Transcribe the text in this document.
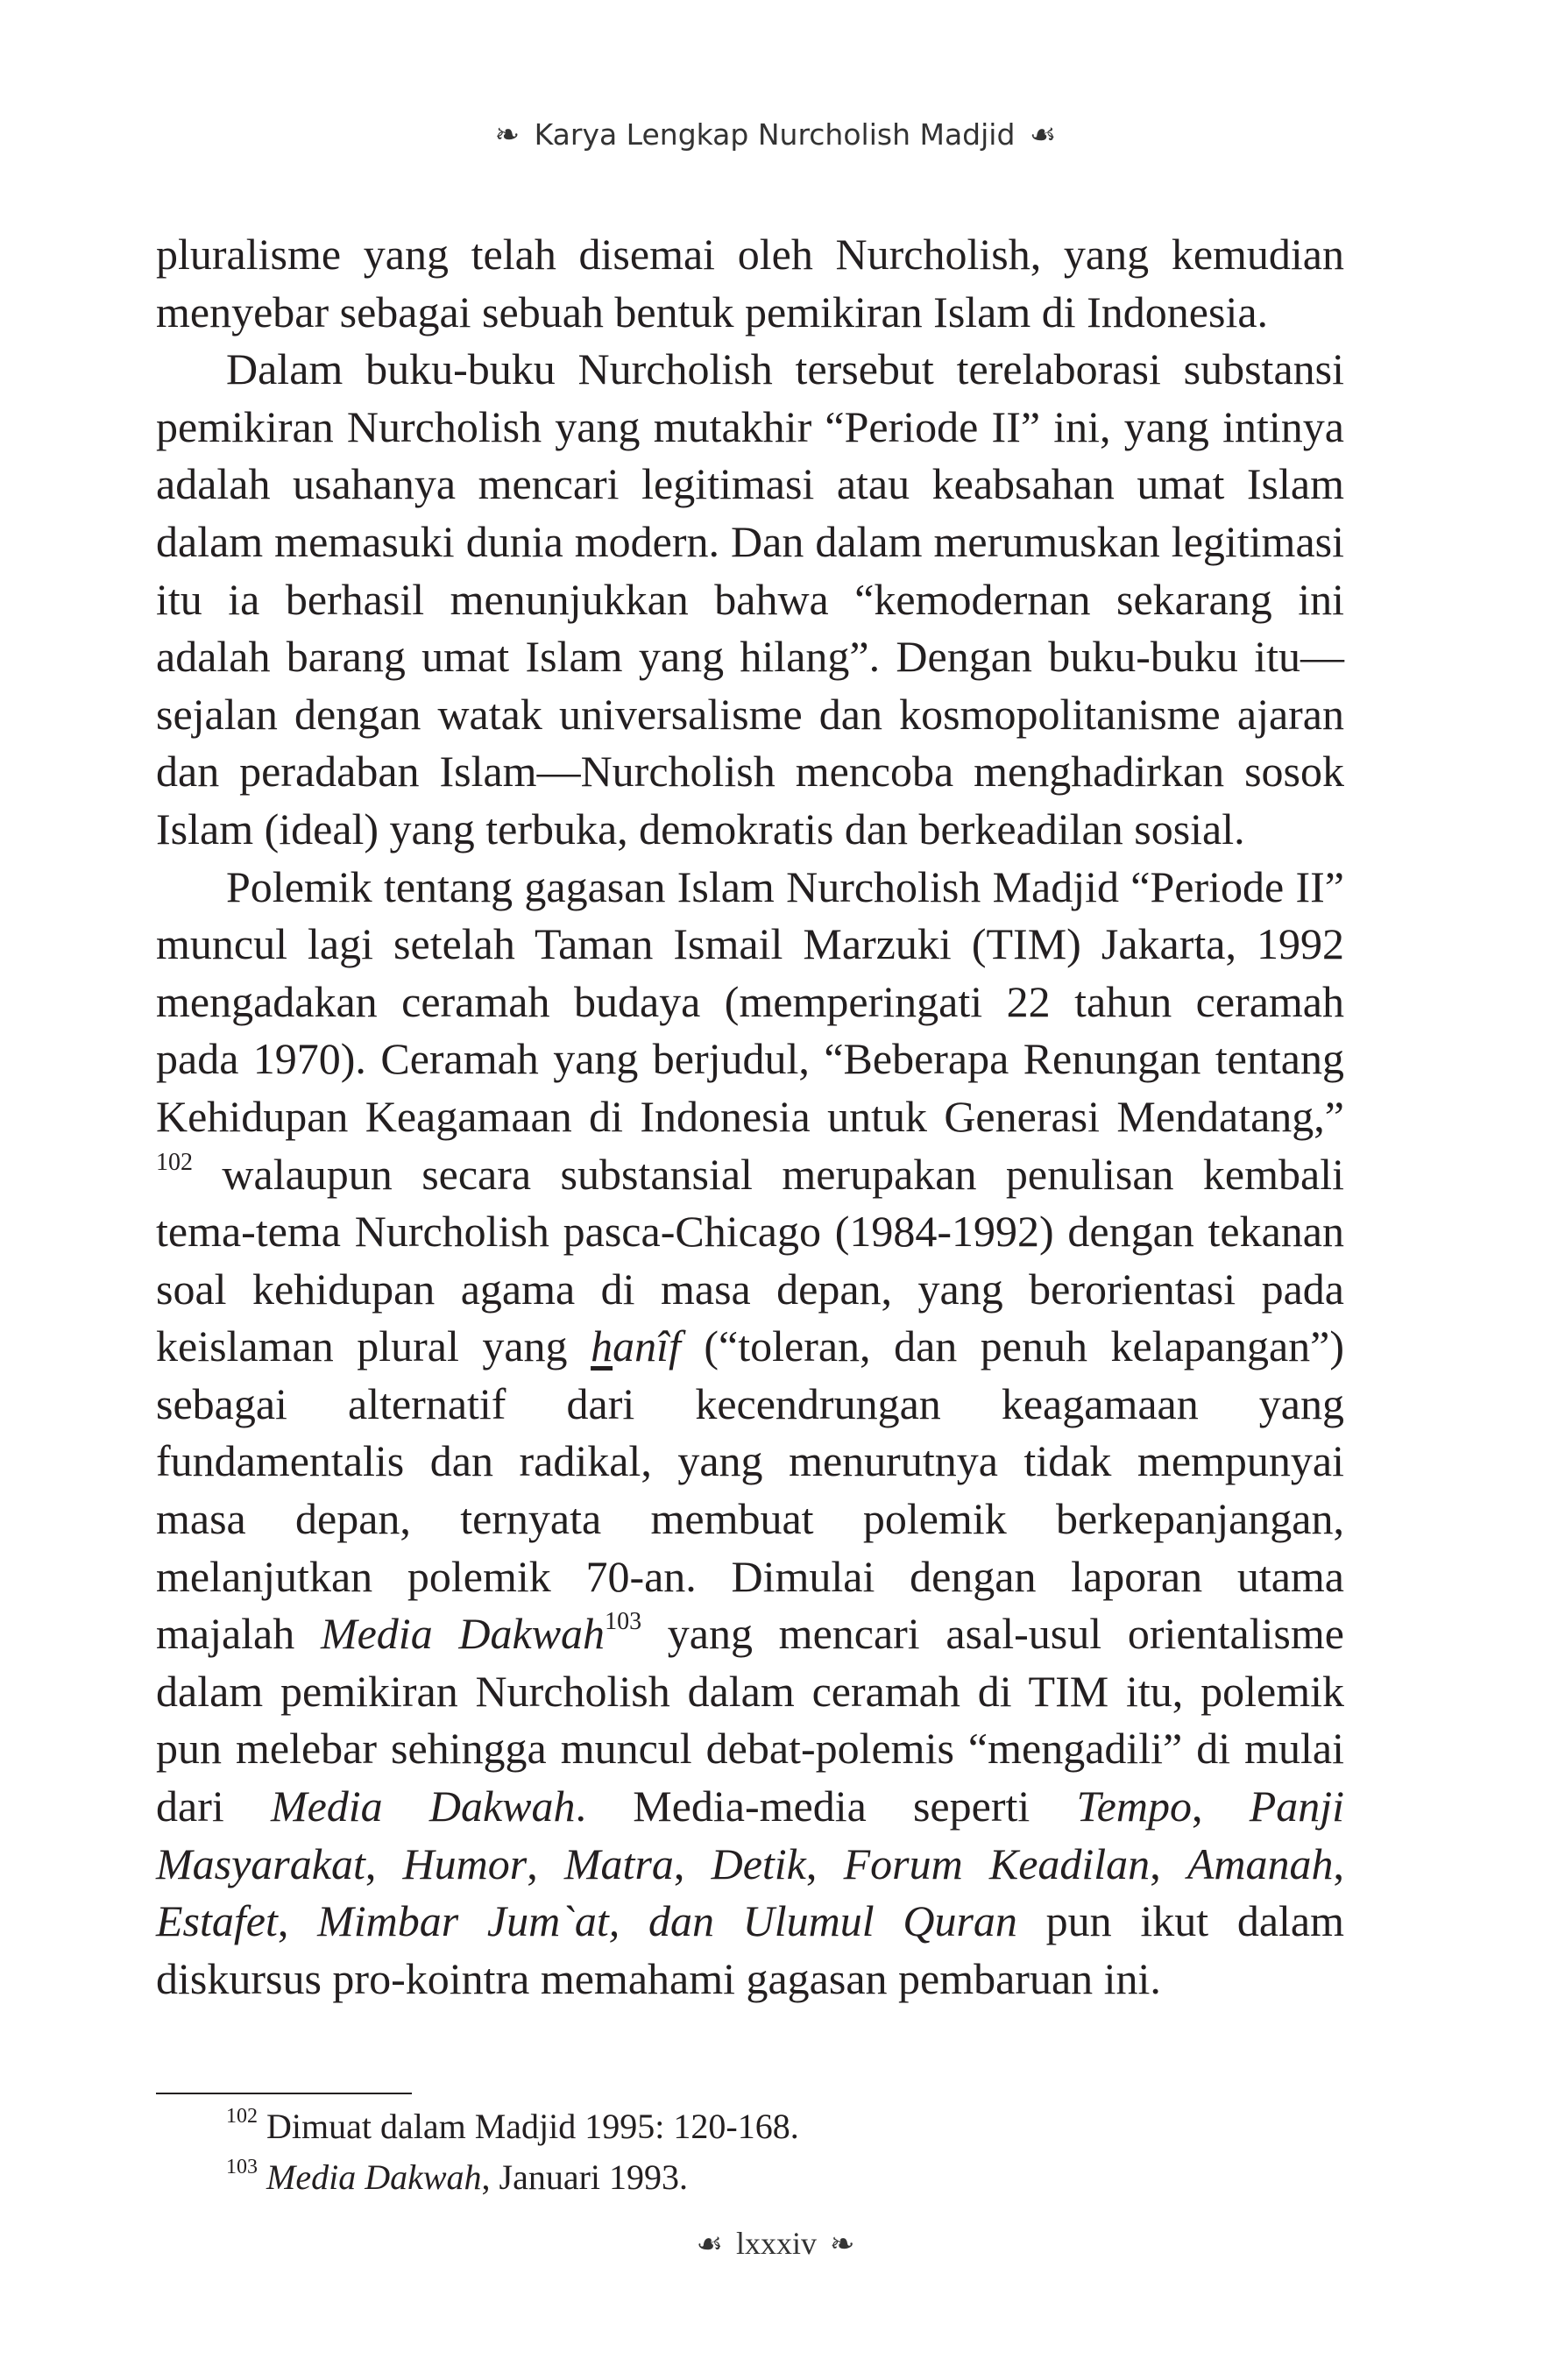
❧ Karya Lengkap Nurcholish Madjid ☙

pluralisme yang telah disemai oleh Nurcholish, yang kemudian menyebar sebagai sebuah bentuk pemikiran Islam di Indonesia.

Dalam buku-buku Nurcholish tersebut terelaborasi substansi pemikiran Nurcholish yang mutakhir “Periode II” ini, yang intinya adalah usahanya mencari legitimasi atau keabsahan umat Islam dalam memasuki dunia modern. Dan dalam merumuskan legitimasi itu ia berhasil menunjukkan bahwa “kemodernan sekarang ini adalah barang umat Islam yang hilang”. Dengan buku-buku itu—sejalan dengan watak universalisme dan kosmopolitanisme ajaran dan peradaban Islam—Nurcholish mencoba menghadirkan sosok Islam (ideal) yang terbuka, demokratis dan berkeadilan sosial.

Polemik tentang gagasan Islam Nurcholish Madjid “Periode II” muncul lagi setelah Taman Ismail Marzuki (TIM) Jakarta, 1992 mengadakan ceramah budaya (memperingati 22 tahun ceramah pada 1970). Ceramah yang berjudul, “Beberapa Renungan tentang Kehidupan Keagamaan di Indonesia untuk Generasi Mendatang,” $^{102}$ walaupun secara substansial merupakan penulisan kembali tema-tema Nurcholish pasca-Chicago (1984-1992) dengan tekanan soal kehidupan agama di masa depan, yang berorientasi pada keislaman plural yang hanîf (“toleran, dan penuh kelapangan”) sebagai alternatif dari kecendrungan keagamaan yang fundamentalis dan radikal, yang menurutnya tidak mempunyai masa depan, ternyata membuat polemik berkepanjangan, melanjutkan polemik 70-an. Dimulai dengan laporan utama majalah Media Dakwah$^{103}$ yang mencari asal-usul orientalisme dalam pemikiran Nurcholish dalam ceramah di TIM itu, polemik pun melebar sehingga muncul debat-polemis “mengadili” di mulai dari Media Dakwah. Media-media seperti Tempo, Panji Masyarakat, Humor, Matra, Detik, Forum Keadilan, Amanah, Estafet, Mimbar Jum`at, dan Ulumul Quran pun ikut dalam diskursus pro-kointra memahami gagasan pembaruan ini.

$^{102}$ Dimuat dalam Madjid 1995: 120-168.
$^{103}$ Media Dakwah, Januari 1993.
☙ lxxxiv ❧
